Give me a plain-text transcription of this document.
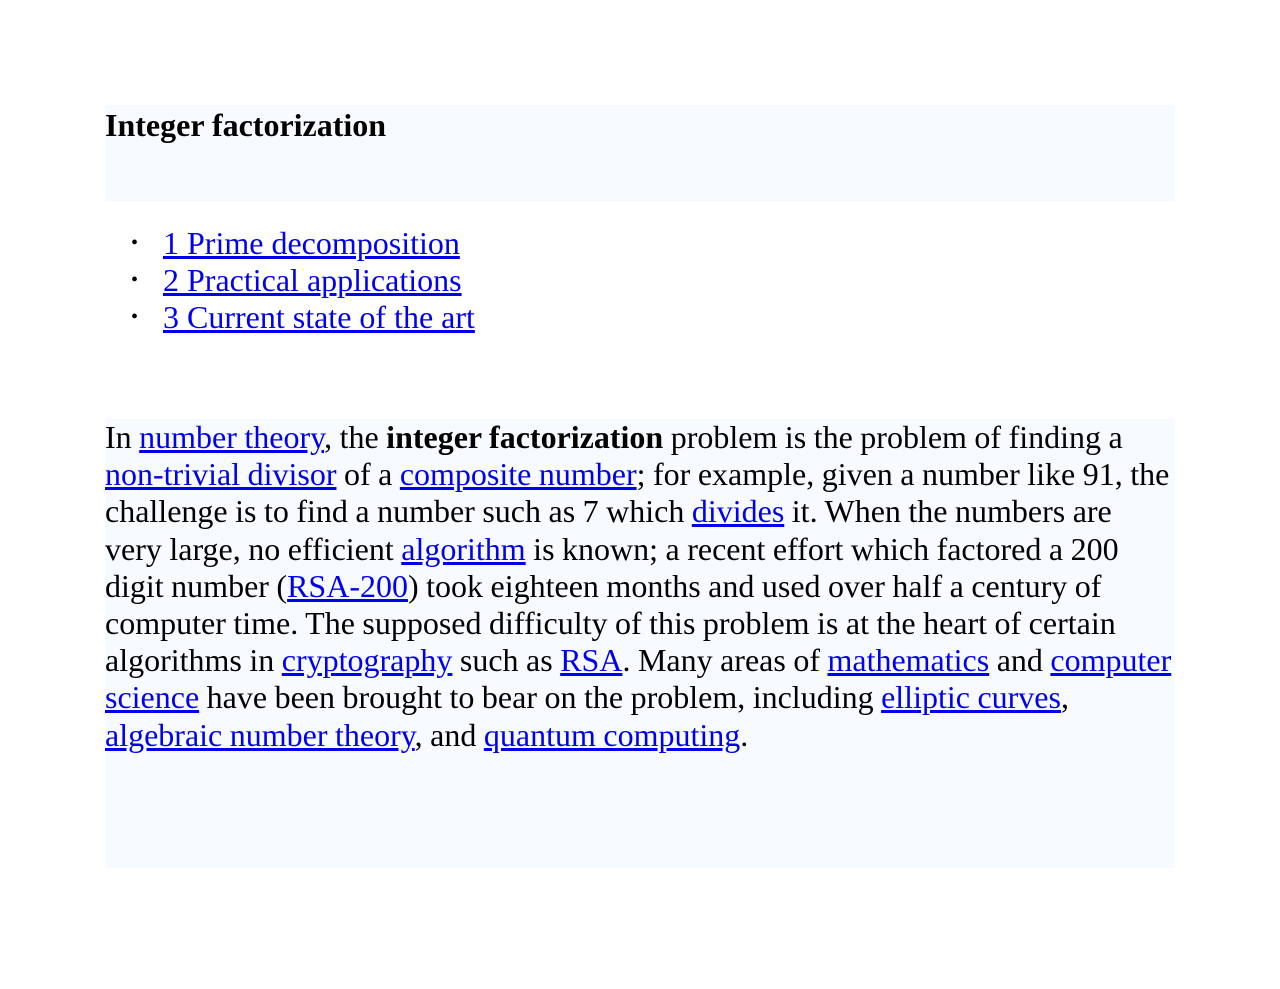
Integer factorization
• 1 Prime decomposition
• 2 Practical applications
• 3 Current state of the art

In number theory, the integer factorization problem is the problem of finding a non-trivial divisor of a composite number; for example, given a number like 91, the challenge is to find a number such as 7 which divides it. When the numbers are very large, no efficient algorithm is known; a recent effort which factored a 200 digit number (RSA-200) took eighteen months and used over half a century of computer time. The supposed difficulty of this problem is at the heart of certain algorithms in cryptography such as RSA. Many areas of mathematics and computer science have been brought to bear on the problem, including elliptic curves, algebraic number theory, and quantum computing.
